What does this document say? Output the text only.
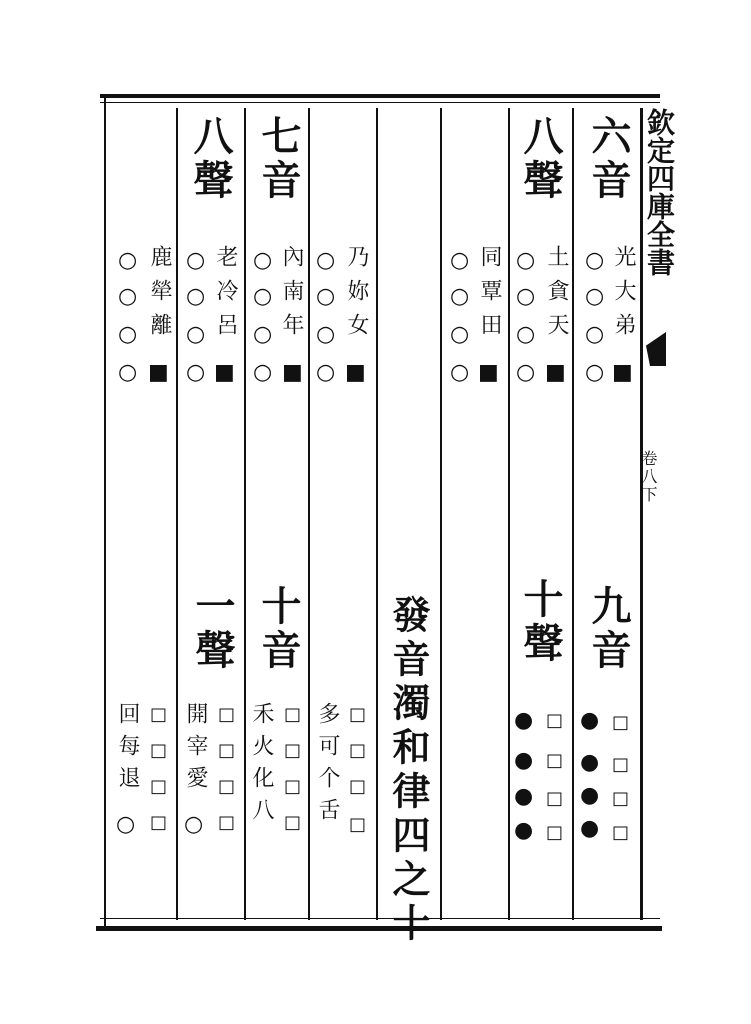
欽定四庫全書
卷八下
六音
光大弟
○
○
○
○ ■
九音
●
●
●
●
□
□
□
□
八聲
土貪天
○
○
○
○ ■
十聲
●
●
●
●
□
□
□
□
同覃田
○
○
○
○ ■
發音濁和律四之十
乃妳女
○
○
○
○ ■
多可个舌 □
□
□
□
七音
內南年
○
○
○
○ ■
十音
禾火化八 □
□
□
□
八聲
老冷呂
○
○
○
○ ■
一聲
開宰愛
○
□
□
□
□
鹿犖離
○
○
○
○ ■
回每退
○
□
□
□
□
